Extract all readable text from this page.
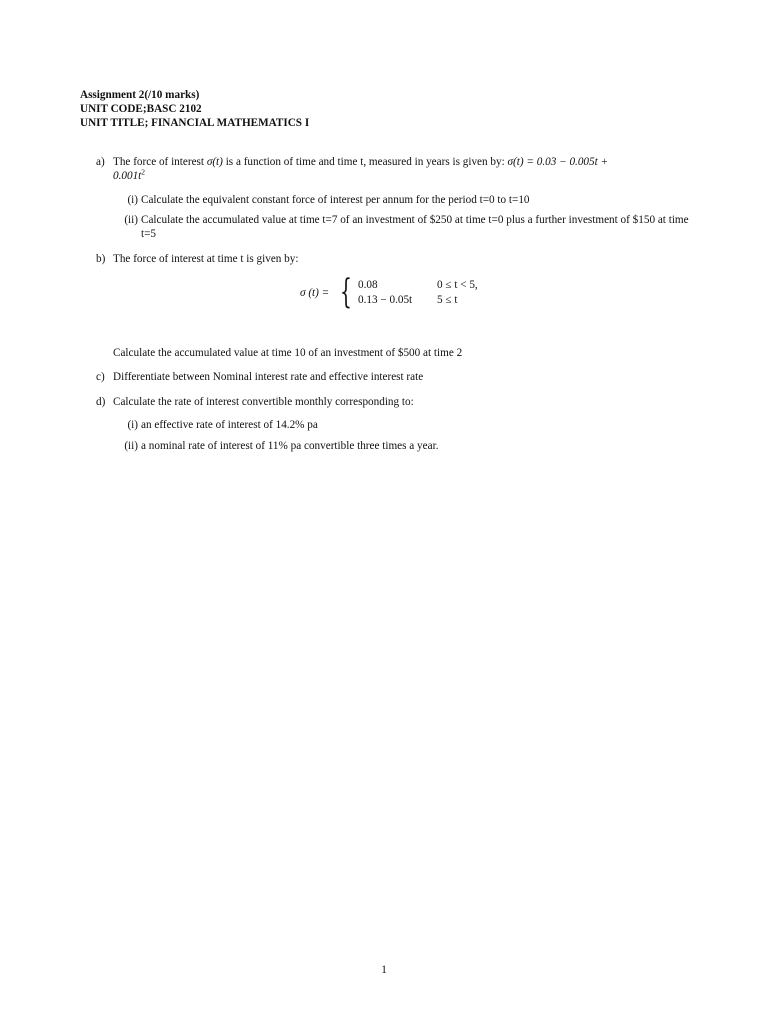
Assignment 2(/10 marks)
UNIT CODE;BASC 2102
UNIT TITLE; FINANCIAL MATHEMATICS I
a) The force of interest σ(t) is a function of time and time t, measured in years is given by: σ(t) = 0.03 − 0.005t +
$0.001t^2$
(i) Calculate the equivalent constant force of interest per annum for the period t=0 to t=10
(ii) Calculate the accumulated value at time t=7 of an investment of $250 at time t=0 plus a further investment of $150 at time t=5
b) The force of interest at time t is given by:
σ (t) = { 0.08	0 ≤ t < 5,
0.13 − 0.05t 5 ≤ t
Calculate the accumulated value at time 10 of an investment of $500 at time 2
c) Differentiate between Nominal interest rate and effective interest rate
d) Calculate the rate of interest convertible monthly corresponding to:
(i) an effective rate of interest of 14.2% pa
(ii) a nominal rate of interest of 11% pa convertible three times a year.
1
